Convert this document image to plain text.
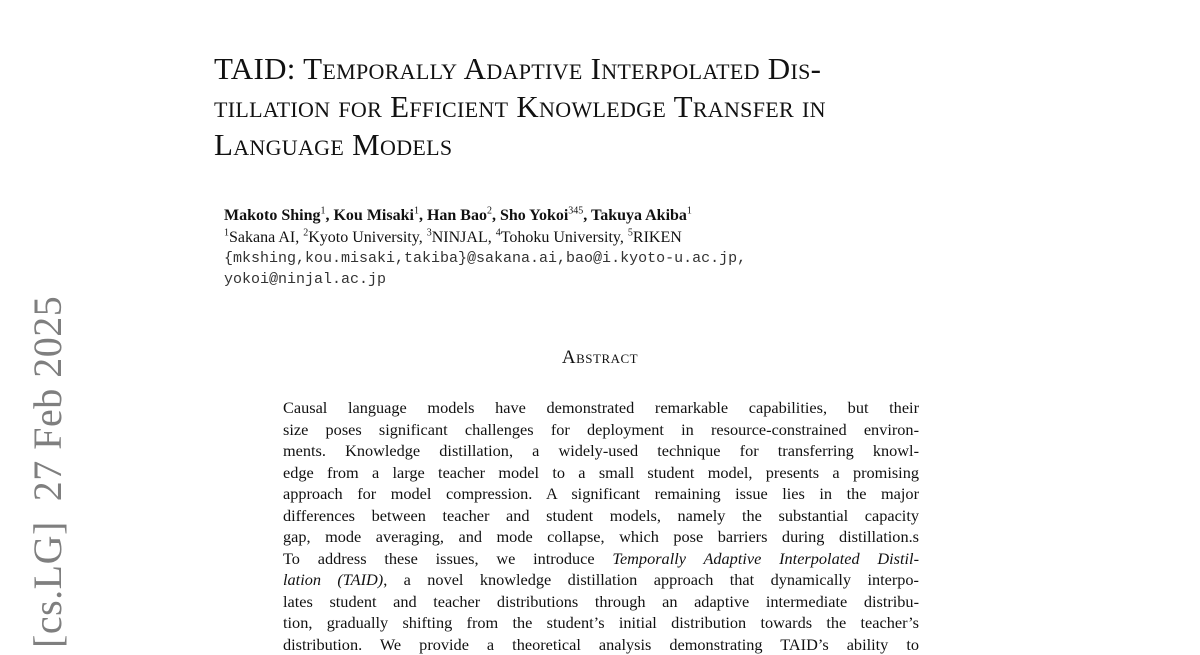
[cs.LG]27 Feb 2025
TAID: Temporally Adaptive Interpolated Dis-
tillation for Efficient Knowledge Transfer in
Language Models
Makoto Shing$^1$, Kou Misaki$^1$, Han Bao$^2$, Sho Yokoi$^{345}$, Takuya Akiba$^1$
$^1$Sakana AI, $^2$Kyoto University, $^3$NINJAL, $^4$Tohoku University, $^5$RIKEN
{mkshing,kou.misaki,takiba}@sakana.ai,bao@i.kyoto-u.ac.jp,
yokoi@ninjal.ac.jp
Abstract
Causal language models have demonstrated remarkable capabilities, but their
size poses significant challenges for deployment in resource-constrained environ-
ments. Knowledge distillation, a widely-used technique for transferring knowl-
edge from a large teacher model to a small student model, presents a promising
approach for model compression. A significant remaining issue lies in the major
differences between teacher and student models, namely the substantial capacity
gap, mode averaging, and mode collapse, which pose barriers during distillation.s
To address these issues, we introduce Temporally Adaptive Interpolated Distil-
lation (TAID), a novel knowledge distillation approach that dynamically interpo-
lates student and teacher distributions through an adaptive intermediate distribu-
tion, gradually shifting from the student’s initial distribution towards the teacher’s
distribution. We provide a theoretical analysis demonstrating TAID’s ability to
